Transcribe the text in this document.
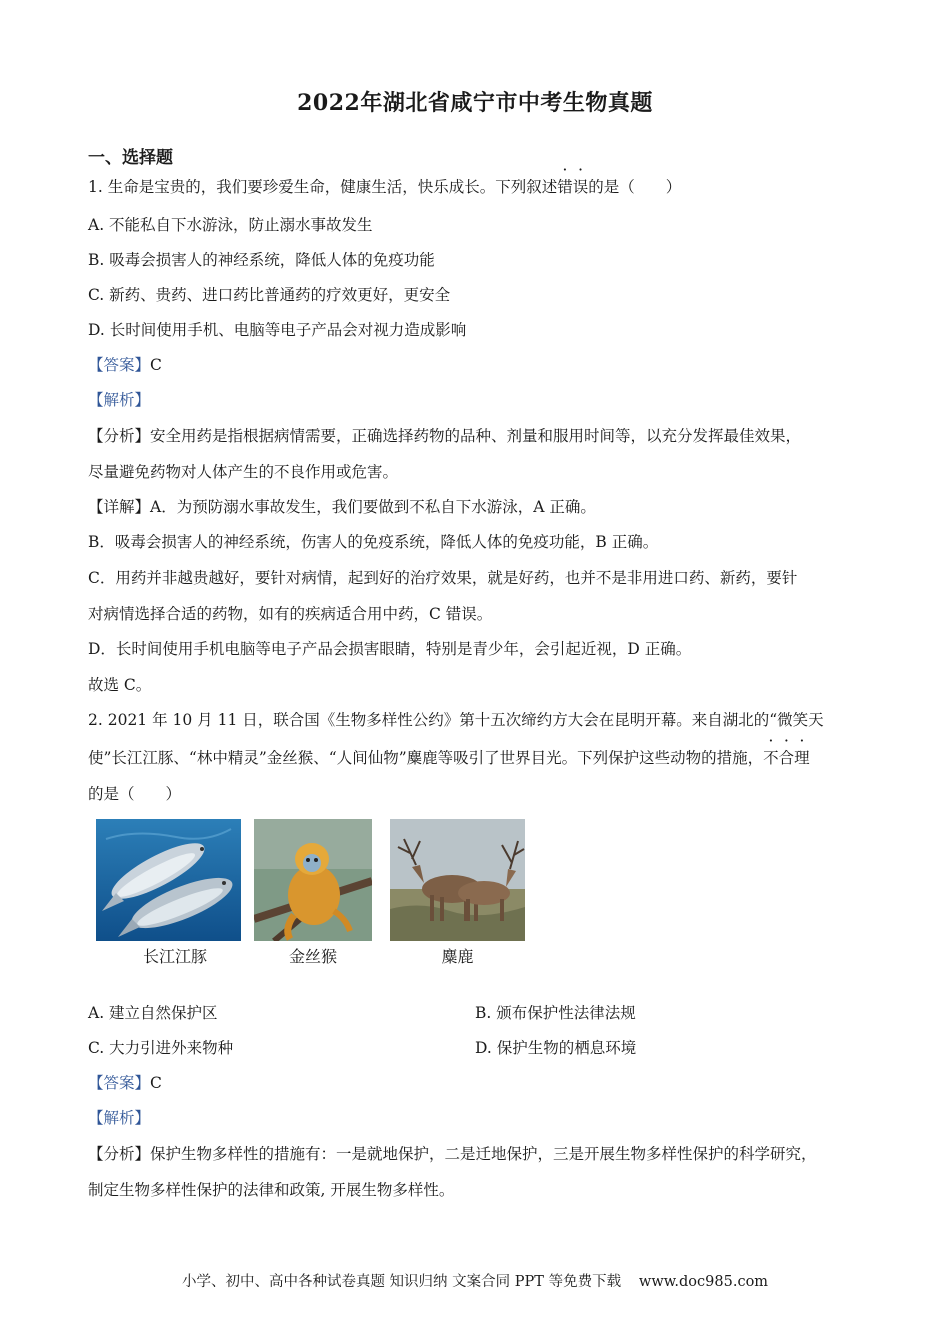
2022年湖北省咸宁市中考生物真题
一、选择题
1. 生命是宝贵的，我们要珍爱生命，健康生活，快乐成长。下列叙述错误的是（　　）
A. 不能私自下水游泳，防止溺水事故发生
B. 吸毒会损害人的神经系统，降低人体的免疫功能
C. 新药、贵药、进口药比普通药的疗效更好，更安全
D. 长时间使用手机、电脑等电子产品会对视力造成影响
【答案】C
【解析】
【分析】安全用药是指根据病情需要，正确选择药物的品种、剂量和服用时间等，以充分发挥最佳效果，
尽量避免药物对人体产生的不良作用或危害。
【详解】A．为预防溺水事故发生，我们要做到不私自下水游泳，A 正确。
B．吸毒会损害人的神经系统，伤害人的免疫系统，降低人体的免疫功能，B 正确。
C．用药并非越贵越好，要针对病情，起到好的治疗效果，就是好药，也并不是非用进口药、新药，要针
对病情选择合适的药物，如有的疾病适合用中药，C 错误。
D．长时间使用手机电脑等电子产品会损害眼睛，特别是青少年，会引起近视，D 正确。
故选 C。
2. 2021 年 10 月 11 日，联合国《生物多样性公约》第十五次缔约方大会在昆明开幕。来自湖北的“微笑天
使”长江江豚、“林中精灵”金丝猴、“人间仙物”麋鹿等吸引了世界目光。下列保护这些动物的措施，不合理
的是（　　）
长江江豚	金丝猴	麋鹿
A. 建立自然保护区	B. 颁布保护性法律法规
C. 大力引进外来物种	D. 保护生物的栖息环境
【答案】C
【解析】
【分析】保护生物多样性的措施有：一是就地保护，二是迁地保护，三是开展生物多样性保护的科学研究，
制定生物多样性保护的法律和政策, 开展生物多样性。
小学、初中、高中各种试卷真题 知识归纳 文案合同 PPT 等免费下载 www.doc985.com
